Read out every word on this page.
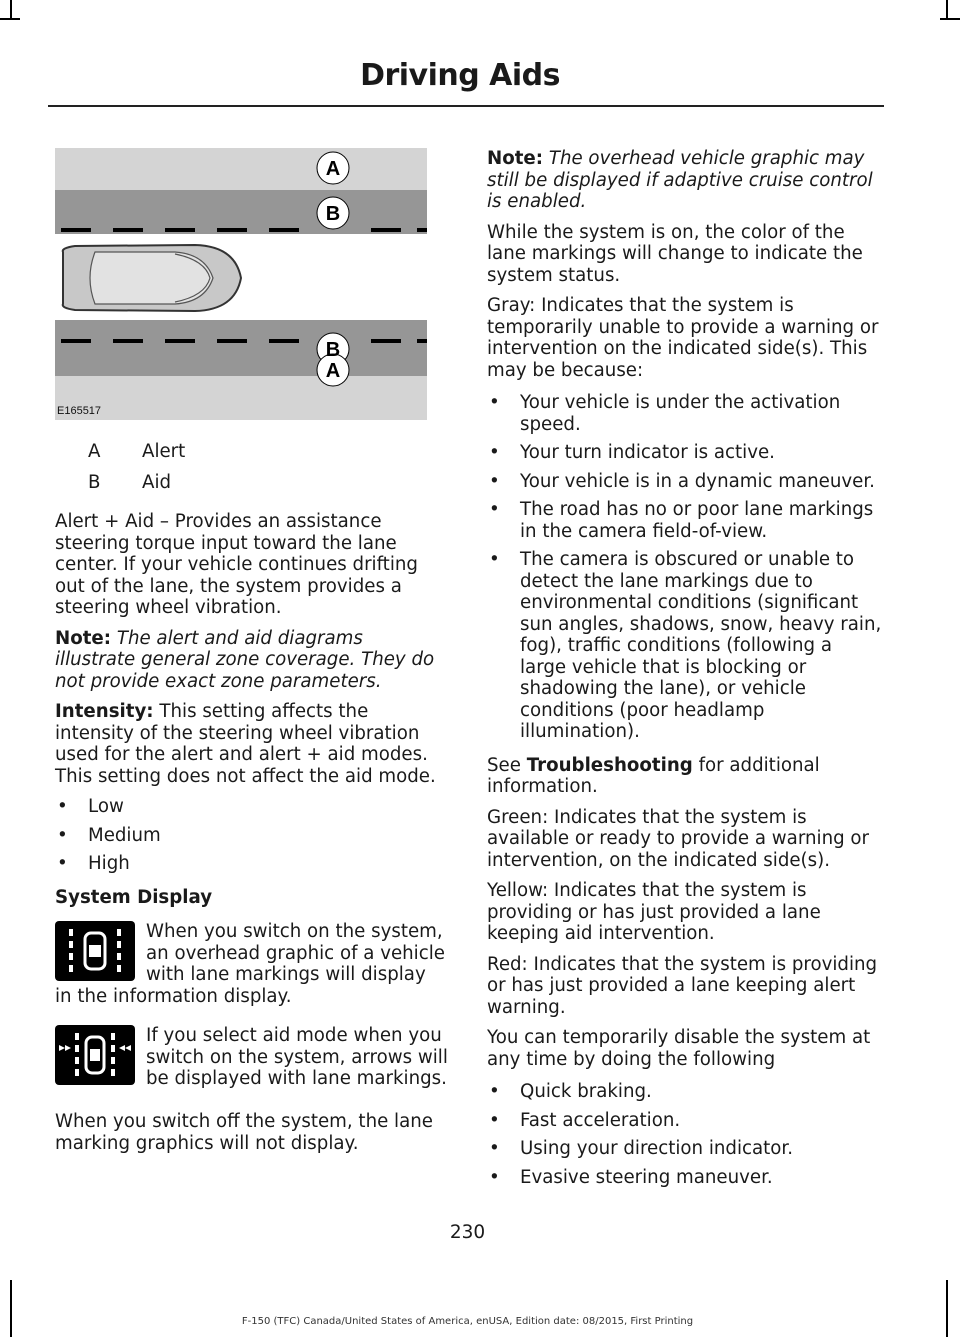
Driving Aids
A
B
B
A
E165517
A	Alert
B	Aid

Alert + Aid – Provides an assistance steering torque input toward the lane center. If your vehicle continues drifting out of the lane, the system provides a steering wheel vibration.

Note: The alert and aid diagrams illustrate general zone coverage. They do not provide exact zone parameters.

Intensity: This setting affects the intensity of the steering wheel vibration used for the alert and alert + aid modes. This setting does not affect the aid mode.

• Low
• Medium
• High
System Display
When you switch on the system, an overhead graphic of a vehicle with lane markings will display in the information display.
If you select aid mode when you switch on the system, arrows will be displayed with lane markings.

When you switch off the system, the lane marking graphics will not display.

Note: The overhead vehicle graphic may still be displayed if adaptive cruise control is enabled.

While the system is on, the color of the lane markings will change to indicate the system status.

Gray: Indicates that the system is temporarily unable to provide a warning or intervention on the indicated side(s). This may be because:

• Your vehicle is under the activation speed.
• Your turn indicator is active.
• Your vehicle is in a dynamic maneuver.
• The road has no or poor lane markings in the camera field-of-view.
• The camera is obscured or unable to detect the lane markings due to environmental conditions (significant sun angles, shadows, snow, heavy rain, fog), traffic conditions (following a large vehicle that is blocking or shadowing the lane), or vehicle conditions (poor headlamp illumination).

See Troubleshooting for additional information.

Green: Indicates that the system is available or ready to provide a warning or intervention, on the indicated side(s).

Yellow: Indicates that the system is providing or has just provided a lane keeping aid intervention.

Red: Indicates that the system is providing or has just provided a lane keeping alert warning.

You can temporarily disable the system at any time by doing the following

• Quick braking.
• Fast acceleration.
• Using your direction indicator.
• Evasive steering maneuver.
230
F-150 (TFC) Canada/United States of America, enUSA, Edition date: 08/2015, First Printing
